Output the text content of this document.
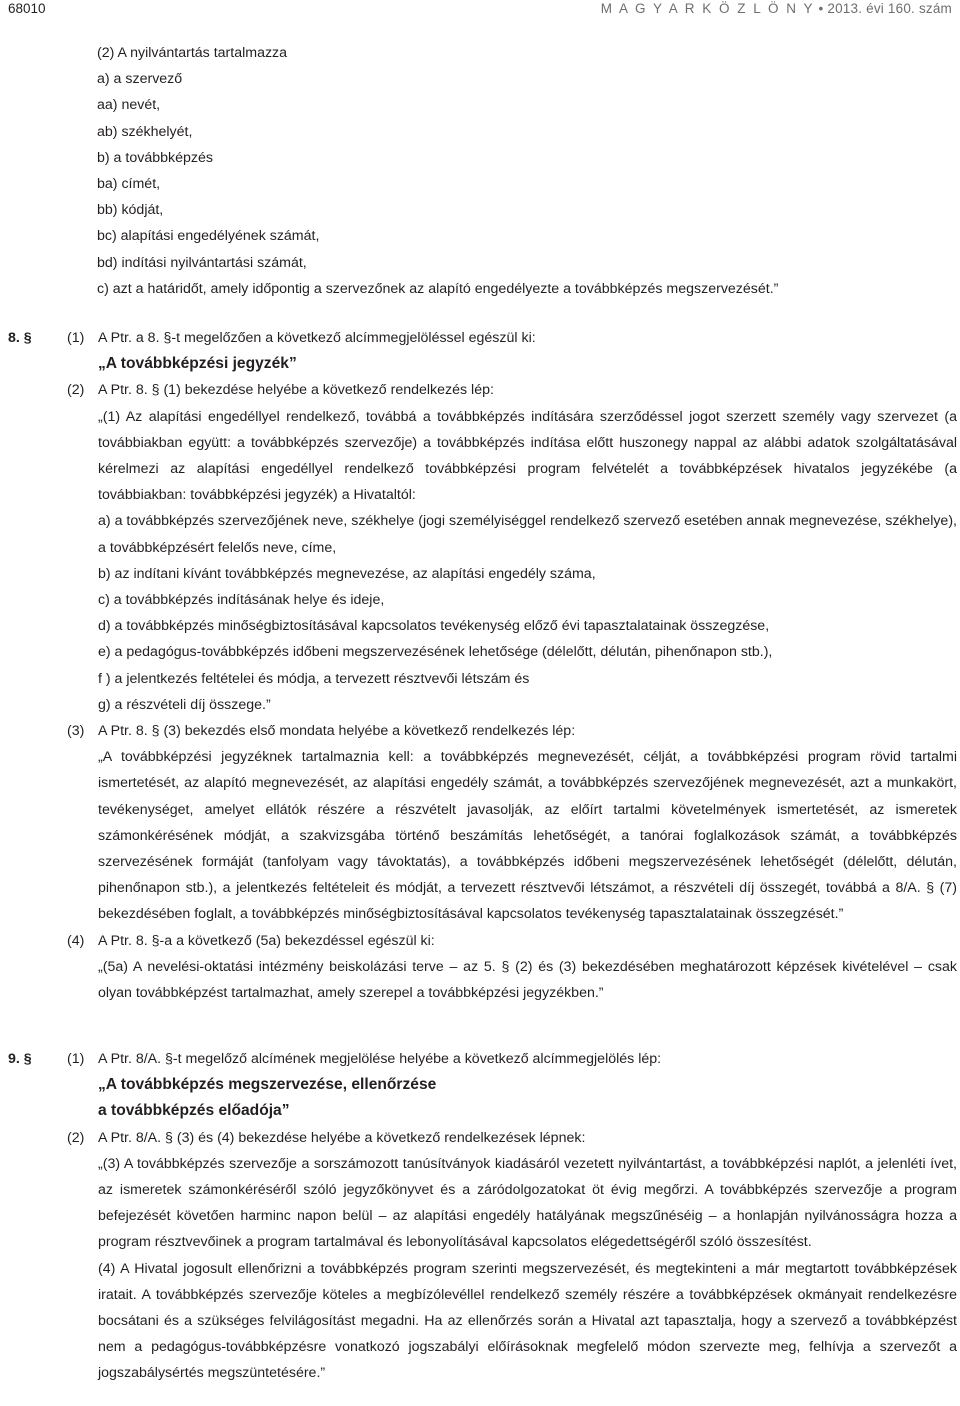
68010	M A G Y A R K Ö Z L Ö N Y • 2013. évi 160. szám

(2) A nyilvántartás tartalmazza

a) a szervező

aa) nevét,

ab) székhelyét,

b) a továbbképzés

ba) címét,

bb) kódját,

bc) alapítási engedélyének számát,

bd) indítási nyilvántartási számát,

c) azt a határidőt, amely időpontig a szervezőnek az alapító engedélyezte a továbbképzés megszervezését.”

8. § (1) A Ptr. a 8. §-t megelőzően a következő alcímmegjelöléssel egészül ki:

„A továbbképzési jegyzék”

(2) A Ptr. 8. § (1) bekezdése helyébe a következő rendelkezés lép:

„(1) Az alapítási engedéllyel rendelkező, továbbá a továbbképzés indítására szerződéssel jogot szerzett személy vagy szervezet (a továbbiakban együtt: a továbbképzés szervezője) a továbbképzés indítása előtt huszonegy nappal az alábbi adatok szolgáltatásával kérelmezi az alapítási engedéllyel rendelkező továbbképzési program felvételét a továbbképzések hivatalos jegyzékébe (a továbbiakban: továbbképzési jegyzék) a Hivataltól:

a) a továbbképzés szervezőjének neve, székhelye (jogi személyiséggel rendelkező szervező esetében annak megnevezése, székhelye), a továbbképzésért felelős neve, címe,

b) az indítani kívánt továbbképzés megnevezése, az alapítási engedély száma,

c) a továbbképzés indításának helye és ideje,

d) a továbbképzés minőségbiztosításával kapcsolatos tevékenység előző évi tapasztalatainak összegzése,

e) a pedagógus-továbbképzés időbeni megszervezésének lehetősége (délelőtt, délután, pihenőnapon stb.),

f ) a jelentkezés feltételei és módja, a tervezett résztvevői létszám és

g) a részvételi díj összege.”

(3) A Ptr. 8. § (3) bekezdés első mondata helyébe a következő rendelkezés lép:

„A továbbképzési jegyzéknek tartalmaznia kell: a továbbképzés megnevezését, célját, a továbbképzési program rövid tartalmi ismertetését, az alapító megnevezését, az alapítási engedély számát, a továbbképzés szervezőjének megnevezését, azt a munkakört, tevékenységet, amelyet ellátók részére a részvételt javasolják, az előírt tartalmi követelmények ismertetését, az ismeretek számonkérésének módját, a szakvizsgába történő beszámítás lehetőségét, a tanórai foglalkozások számát, a továbbképzés szervezésének formáját (tanfolyam vagy távoktatás), a továbbképzés időbeni megszervezésének lehetőségét (délelőtt, délután, pihenőnapon stb.), a jelentkezés feltételeit és módját, a tervezett résztvevői létszámot, a részvételi díj összegét, továbbá a 8/A. § (7) bekezdésében foglalt, a továbbképzés minőségbiztosításával kapcsolatos tevékenység tapasztalatainak összegzését.”

(4) A Ptr. 8. §-a a következő (5a) bekezdéssel egészül ki:

„(5a) A nevelési-oktatási intézmény beiskolázási terve – az 5. § (2) és (3) bekezdésében meghatározott képzések kivételével – csak olyan továbbképzést tartalmazhat, amely szerepel a továbbképzési jegyzékben.”

9. § (1) A Ptr. 8/A. §-t megelőző alcímének megjelölése helyébe a következő alcímmegjelölés lép:

„A továbbképzés megszervezése, ellenőrzése

a továbbképzés előadója”

(2) A Ptr. 8/A. § (3) és (4) bekezdése helyébe a következő rendelkezések lépnek:

„(3) A továbbképzés szervezője a sorszámozott tanúsítványok kiadásáról vezetett nyilvántartást, a továbbképzési naplót, a jelenléti ívet, az ismeretek számonkéréséről szóló jegyzőkönyvet és a záródolgozatokat öt évig megőrzi. A továbbképzés szervezője a program befejezését követően harminc napon belül – az alapítási engedély hatályának megszűnéséig – a honlapján nyilvánosságra hozza a program résztvevőinek a program tartalmával és lebonyolításával kapcsolatos elégedettségéről szóló összesítést.

(4) A Hivatal jogosult ellenőrizni a továbbképzés program szerinti megszervezését, és megtekinteni a már megtartott továbbképzések iratait. A továbbképzés szervezője köteles a megbízólevéllel rendelkező személy részére a továbbképzések okmányait rendelkezésre bocsátani és a szükséges felvilágosítást megadni. Ha az ellenőrzés során a Hivatal azt tapasztalja, hogy a szervező a továbbképzést nem a pedagógus-továbbképzésre vonatkozó jogszabályi előírásoknak megfelelő módon szervezte meg, felhívja a szervezőt a jogszabálysértés megszüntetésére.”
